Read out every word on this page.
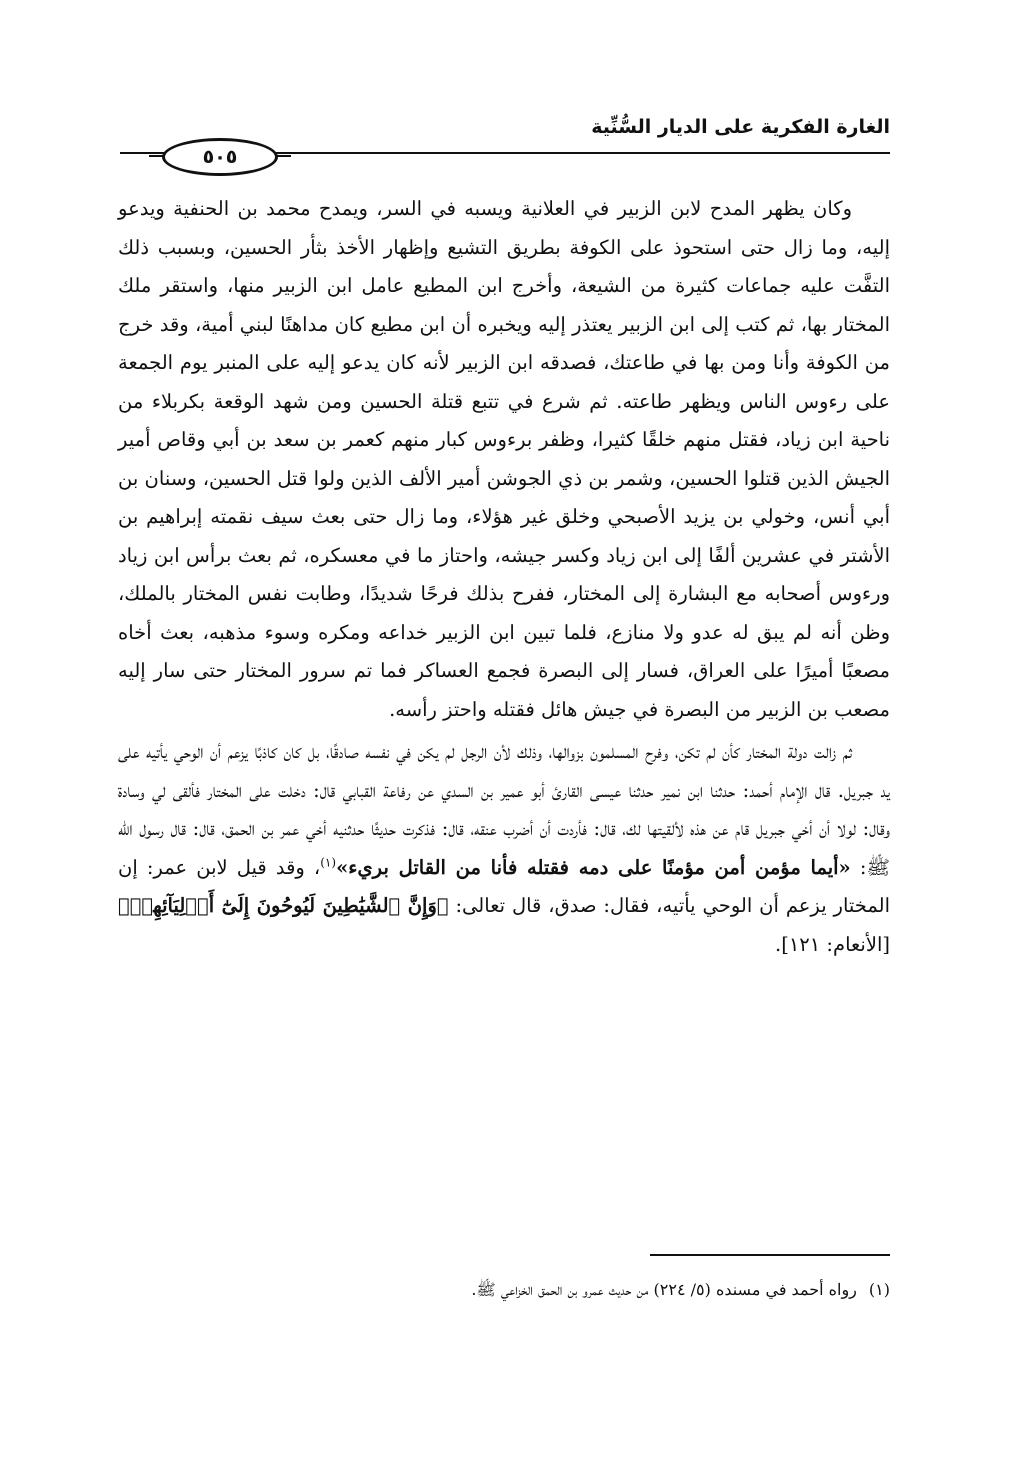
الغارة الفكرية على الديار السُّنِّية
٥٠٥

وكان يظهر المدح لابن الزبير في العلانية ويسبه في السر، ويمدح محمد بن الحنفية ويدعو إليه، وما زال حتى استحوذ على الكوفة بطريق التشيع وإظهار الأخذ بثأر الحسين، وبسبب ذلك التفَّت عليه جماعات كثيرة من الشيعة، وأخرج ابن المطيع عامل ابن الزبير منها، واستقر ملك المختار بها، ثم كتب إلى ابن الزبير يعتذر إليه ويخبره أن ابن مطيع كان مداهنًا لبني أمية، وقد خرج من الكوفة وأنا ومن بها في طاعتك، فصدقه ابن الزبير لأنه كان يدعو إليه على المنبر يوم الجمعة على رءوس الناس ويظهر طاعته. ثم شرع في تتبع قتلة الحسين ومن شهد الوقعة بكربلاء من ناحية ابن زياد، فقتل منهم خلقًا كثيرا، وظفر برءوس كبار منهم كعمر بن سعد بن أبي وقاص أمير الجيش الذين قتلوا الحسين، وشمر بن ذي الجوشن أمير الألف الذين ولوا قتل الحسين، وسنان بن أبي أنس، وخولي بن يزيد الأصبحي وخلق غير هؤلاء، وما زال حتى بعث سيف نقمته إبراهيم بن الأشتر في عشرين ألفًا إلى ابن زياد وكسر جيشه، واحتاز ما في معسكره، ثم بعث برأس ابن زياد ورءوس أصحابه مع البشارة إلى المختار، ففرح بذلك فرحًا شديدًا، وطابت نفس المختار بالملك، وظن أنه لم يبق له عدو ولا منازع، فلما تبين ابن الزبير خداعه ومكره وسوء مذهبه، بعث أخاه مصعبًا أميرًا على العراق، فسار إلى البصرة فجمع العساكر فما تم سرور المختار حتى سار إليه مصعب بن الزبير من البصرة في جيش هائل فقتله واحتز رأسه.

ثم زالت دولة المختار كأن لم تكن، وفرح المسلمون بزوالها، وذلك لأن الرجل لم يكن في نفسه صادقًا، بل كان كاذبًا يزعم أن الوحي يأتيه على يد جبريل. قال الإمام أحمد: حدثنا ابن نمير حدثنا عيسى القارئ أبو عمير بن السدي عن رفاعة القبابي قال: دخلت على المختار فألقى لي وسادة وقال: لولا أن أخي جبريل قام عن هذه لألقيتها لك، قال: فأردت أن أضرب عنقه، قال: فذكرت حديثًا حدثنيه أخي عمر بن الحمق، قال: قال رسول الله ﷺ: «أيما مؤمن أمن مؤمنًا على دمه فقتله فأنا من القاتل بريء»$^{(١)}$، وقد قيل لابن عمر: إن المختار يزعم أن الوحي يأتيه، فقال: صدق، قال تعالى: ﴿وَإِنَّ ٱلشَّيَٰطِينَ لَيُوحُونَ إِلَىٰٓ أَوۡلِيَآئِهِمۡ﴾ [الأنعام: ١٢١].

(١)رواه أحمد في مسنده (٥/ ٢٢٤) من حديث عمرو بن الحمق الخزاعي ﷺ.
